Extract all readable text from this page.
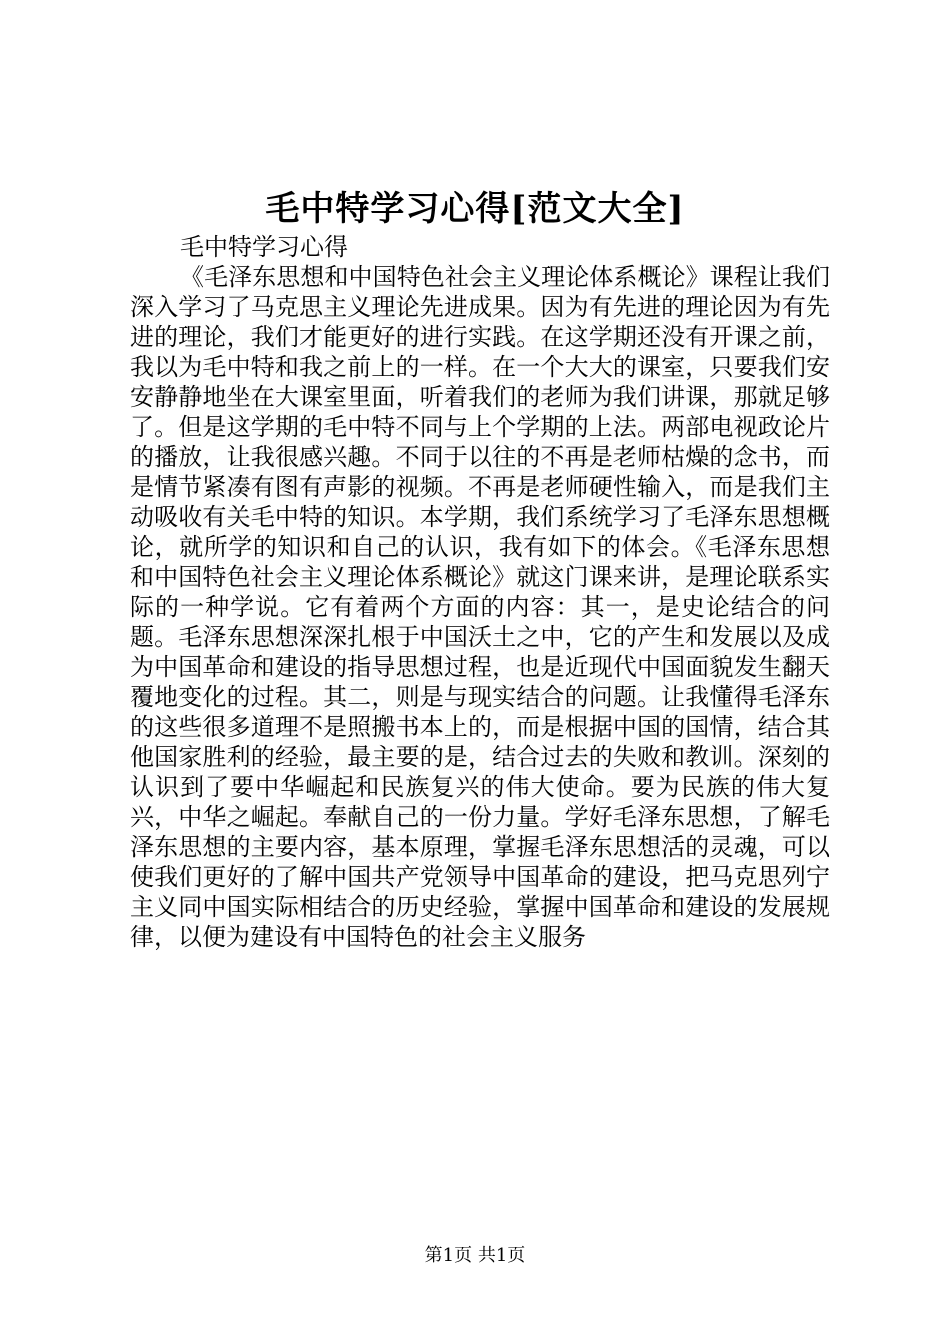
毛中特学习心得[范文大全]

毛中特学习心得

《毛泽东思想和中国特色社会主义理论体系概论》课程让我们深入学习了马克思主义理论先进成果。因为有先进的理论因为有先进的理论，我们才能更好的进行实践。在这学期还没有开课之前，我以为毛中特和我之前上的一样。在一个大大的课室，只要我们安安静静地坐在大课室里面，听着我们的老师为我们讲课，那就足够了。但是这学期的毛中特不同与上个学期的上法。两部电视政论片的播放，让我很感兴趣。不同于以往的不再是老师枯燥的念书，而是情节紧凑有图有声影的视频。不再是老师硬性输入，而是我们主动吸收有关毛中特的知识。本学期，我们系统学习了毛泽东思想概论，就所学的知识和自己的认识，我有如下的体会。《毛泽东思想和中国特色社会主义理论体系概论》就这门课来讲，是理论联系实际的一种学说。它有着两个方面的内容：其一，是史论结合的问题。毛泽东思想深深扎根于中国沃土之中，它的产生和发展以及成为中国革命和建设的指导思想过程，也是近现代中国面貌发生翻天覆地变化的过程。其二，则是与现实结合的问题。让我懂得毛泽东的这些很多道理不是照搬书本上的，而是根据中国的国情，结合其他国家胜利的经验，最主要的是，结合过去的失败和教训。深刻的认识到了要中华崛起和民族复兴的伟大使命。要为民族的伟大复兴，中华之崛起。奉献自己的一份力量。学好毛泽东思想，了解毛泽东思想的主要内容，基本原理，掌握毛泽东思想活的灵魂，可以使我们更好的了解中国共产党领导中国革命的建设，把马克思列宁主义同中国实际相结合的历史经验，掌握中国革命和建设的发展规律，以便为建设有中国特色的社会主义服务

第1页 共1页
